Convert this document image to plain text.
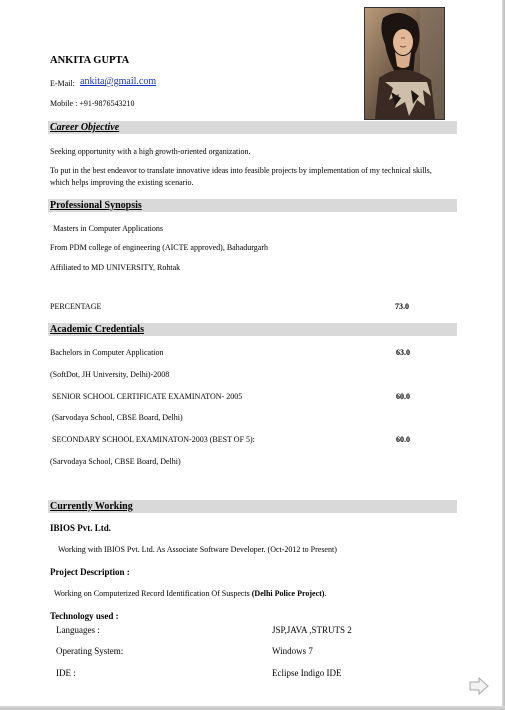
ANKITA GUPTA
E-Mail: ankita@gmail.com
Mobile : +91-9876543210
Career Objective
Seeking opportunity with a high growth-oriented organization.
To put in the best endeavor to translate innovative ideas into feasible projects by implementation of my technical skills,
which helps improving the existing scenario.
Professional Synopsis
Masters in Computer Applications
From PDM college of engineering (AICTE approved), Bahadurgarh
Affiliated to MD UNIVERSITY, Rohtak
PERCENTAGE	73.0
Academic Credentials
Bachelors in Computer Application	63.0
(SoftDot, JH University, Delhi)-2008
SENIOR SCHOOL CERTIFICATE EXAMINATON- 2005	60.0
(Sarvodaya School, CBSE Board, Delhi)
SECONDARY SCHOOL EXAMINATON-2003 (BEST OF 5):	60.0
(Sarvodaya School, CBSE Board, Delhi)
Currently Working
IBIOS Pvt. Ltd.
Working with IBIOS Pvt. Ltd. As Associate Software Developer. (Oct-2012 to Present)
Project Description :
Working on Computerized Record Identification Of Suspects (Delhi Police Project).
Technology used :
Languages :	JSP,JAVA ,STRUTS 2
Operating System:	Windows 7
IDE :	Eclipse Indigo IDE
